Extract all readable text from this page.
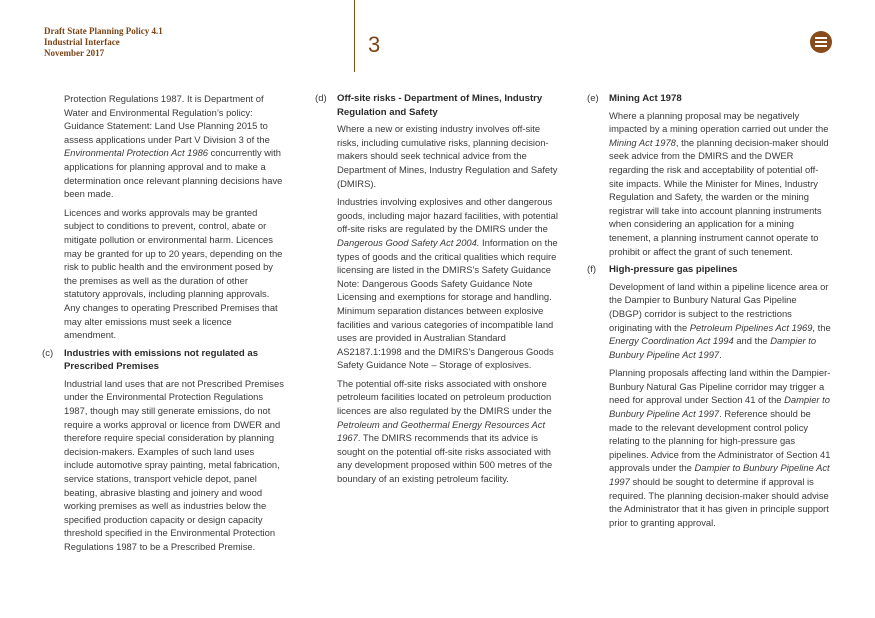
Draft State Planning Policy 4.1
Industrial Interface
November 2017	3
Protection Regulations 1987. It is Department of Water and Environmental Regulation’s policy: Guidance Statement: Land Use Planning 2015 to assess applications under Part V Division 3 of the Environmental Protection Act 1986 concurrently with applications for planning approval and to make a determination once relevant planning decisions have been made.
Licences and works approvals may be granted subject to conditions to prevent, control, abate or mitigate pollution or environmental harm. Licences may be granted for up to 20 years, depending on the risk to public health and the environment posed by the premises as well as the duration of other statutory approvals, including planning approvals. Any changes to operating Prescribed Premises that may alter emissions must seek a licence amendment.
(c) Industries with emissions not regulated as Prescribed Premises
Industrial land uses that are not Prescribed Premises under the Environmental Protection Regulations 1987, though may still generate emissions, do not require a works approval or licence from DWER and therefore require special consideration by planning decision-makers. Examples of such land uses include automotive spray painting, metal fabrication, service stations, transport vehicle depot, panel beating, abrasive blasting and joinery and wood working premises as well as industries below the specified production capacity or design capacity threshold specified in the Environmental Protection Regulations 1987 to be a Prescribed Premise.
(d) Off-site risks - Department of Mines, Industry Regulation and Safety
Where a new or existing industry involves off-site risks, including cumulative risks, planning decision-makers should seek technical advice from the Department of Mines, Industry Regulation and Safety (DMIRS).
Industries involving explosives and other dangerous goods, including major hazard facilities, with potential off-site risks are regulated by the DMIRS under the Dangerous Good Safety Act 2004. Information on the types of goods and the critical qualities which require licensing are listed in the DMIRS’s Safety Guidance Note: Dangerous Goods Safety Guidance Note Licensing and exemptions for storage and handling. Minimum separation distances between explosive facilities and various categories of incompatible land uses are provided in Australian Standard AS2187.1:1998 and the DMIRS’s Dangerous Goods Safety Guidance Note – Storage of explosives.
The potential off-site risks associated with onshore petroleum facilities located on petroleum production licences are also regulated by the DMIRS under the Petroleum and Geothermal Energy Resources Act 1967. The DMIRS recommends that its advice is sought on the potential off-site risks associated with any development proposed within 500 metres of the boundary of an existing petroleum facility.
(e) Mining Act 1978
Where a planning proposal may be negatively impacted by a mining operation carried out under the Mining Act 1978, the planning decision-maker should seek advice from the DMIRS and the DWER regarding the risk and acceptability of potential off-site impacts. While the Minister for Mines, Industry Regulation and Safety, the warden or the mining registrar will take into account planning instruments when considering an application for a mining tenement, a planning instrument cannot operate to prohibit or affect the grant of such tenement.
(f) High-pressure gas pipelines
Development of land within a pipeline licence area or the Dampier to Bunbury Natural Gas Pipeline (DBGP) corridor is subject to the restrictions originating with the Petroleum Pipelines Act 1969, the Energy Coordination Act 1994 and the Dampier to Bunbury Pipeline Act 1997.
Planning proposals affecting land within the Dampier-Bunbury Natural Gas Pipeline corridor may trigger a need for approval under Section 41 of the Dampier to Bunbury Pipeline Act 1997. Reference should be made to the relevant development control policy relating to the planning for high-pressure gas pipelines. Advice from the Administrator of Section 41 approvals under the Dampier to Bunbury Pipeline Act 1997 should be sought to determine if approval is required. The planning decision-maker should advise the Administrator that it has given in principle support prior to granting approval.
